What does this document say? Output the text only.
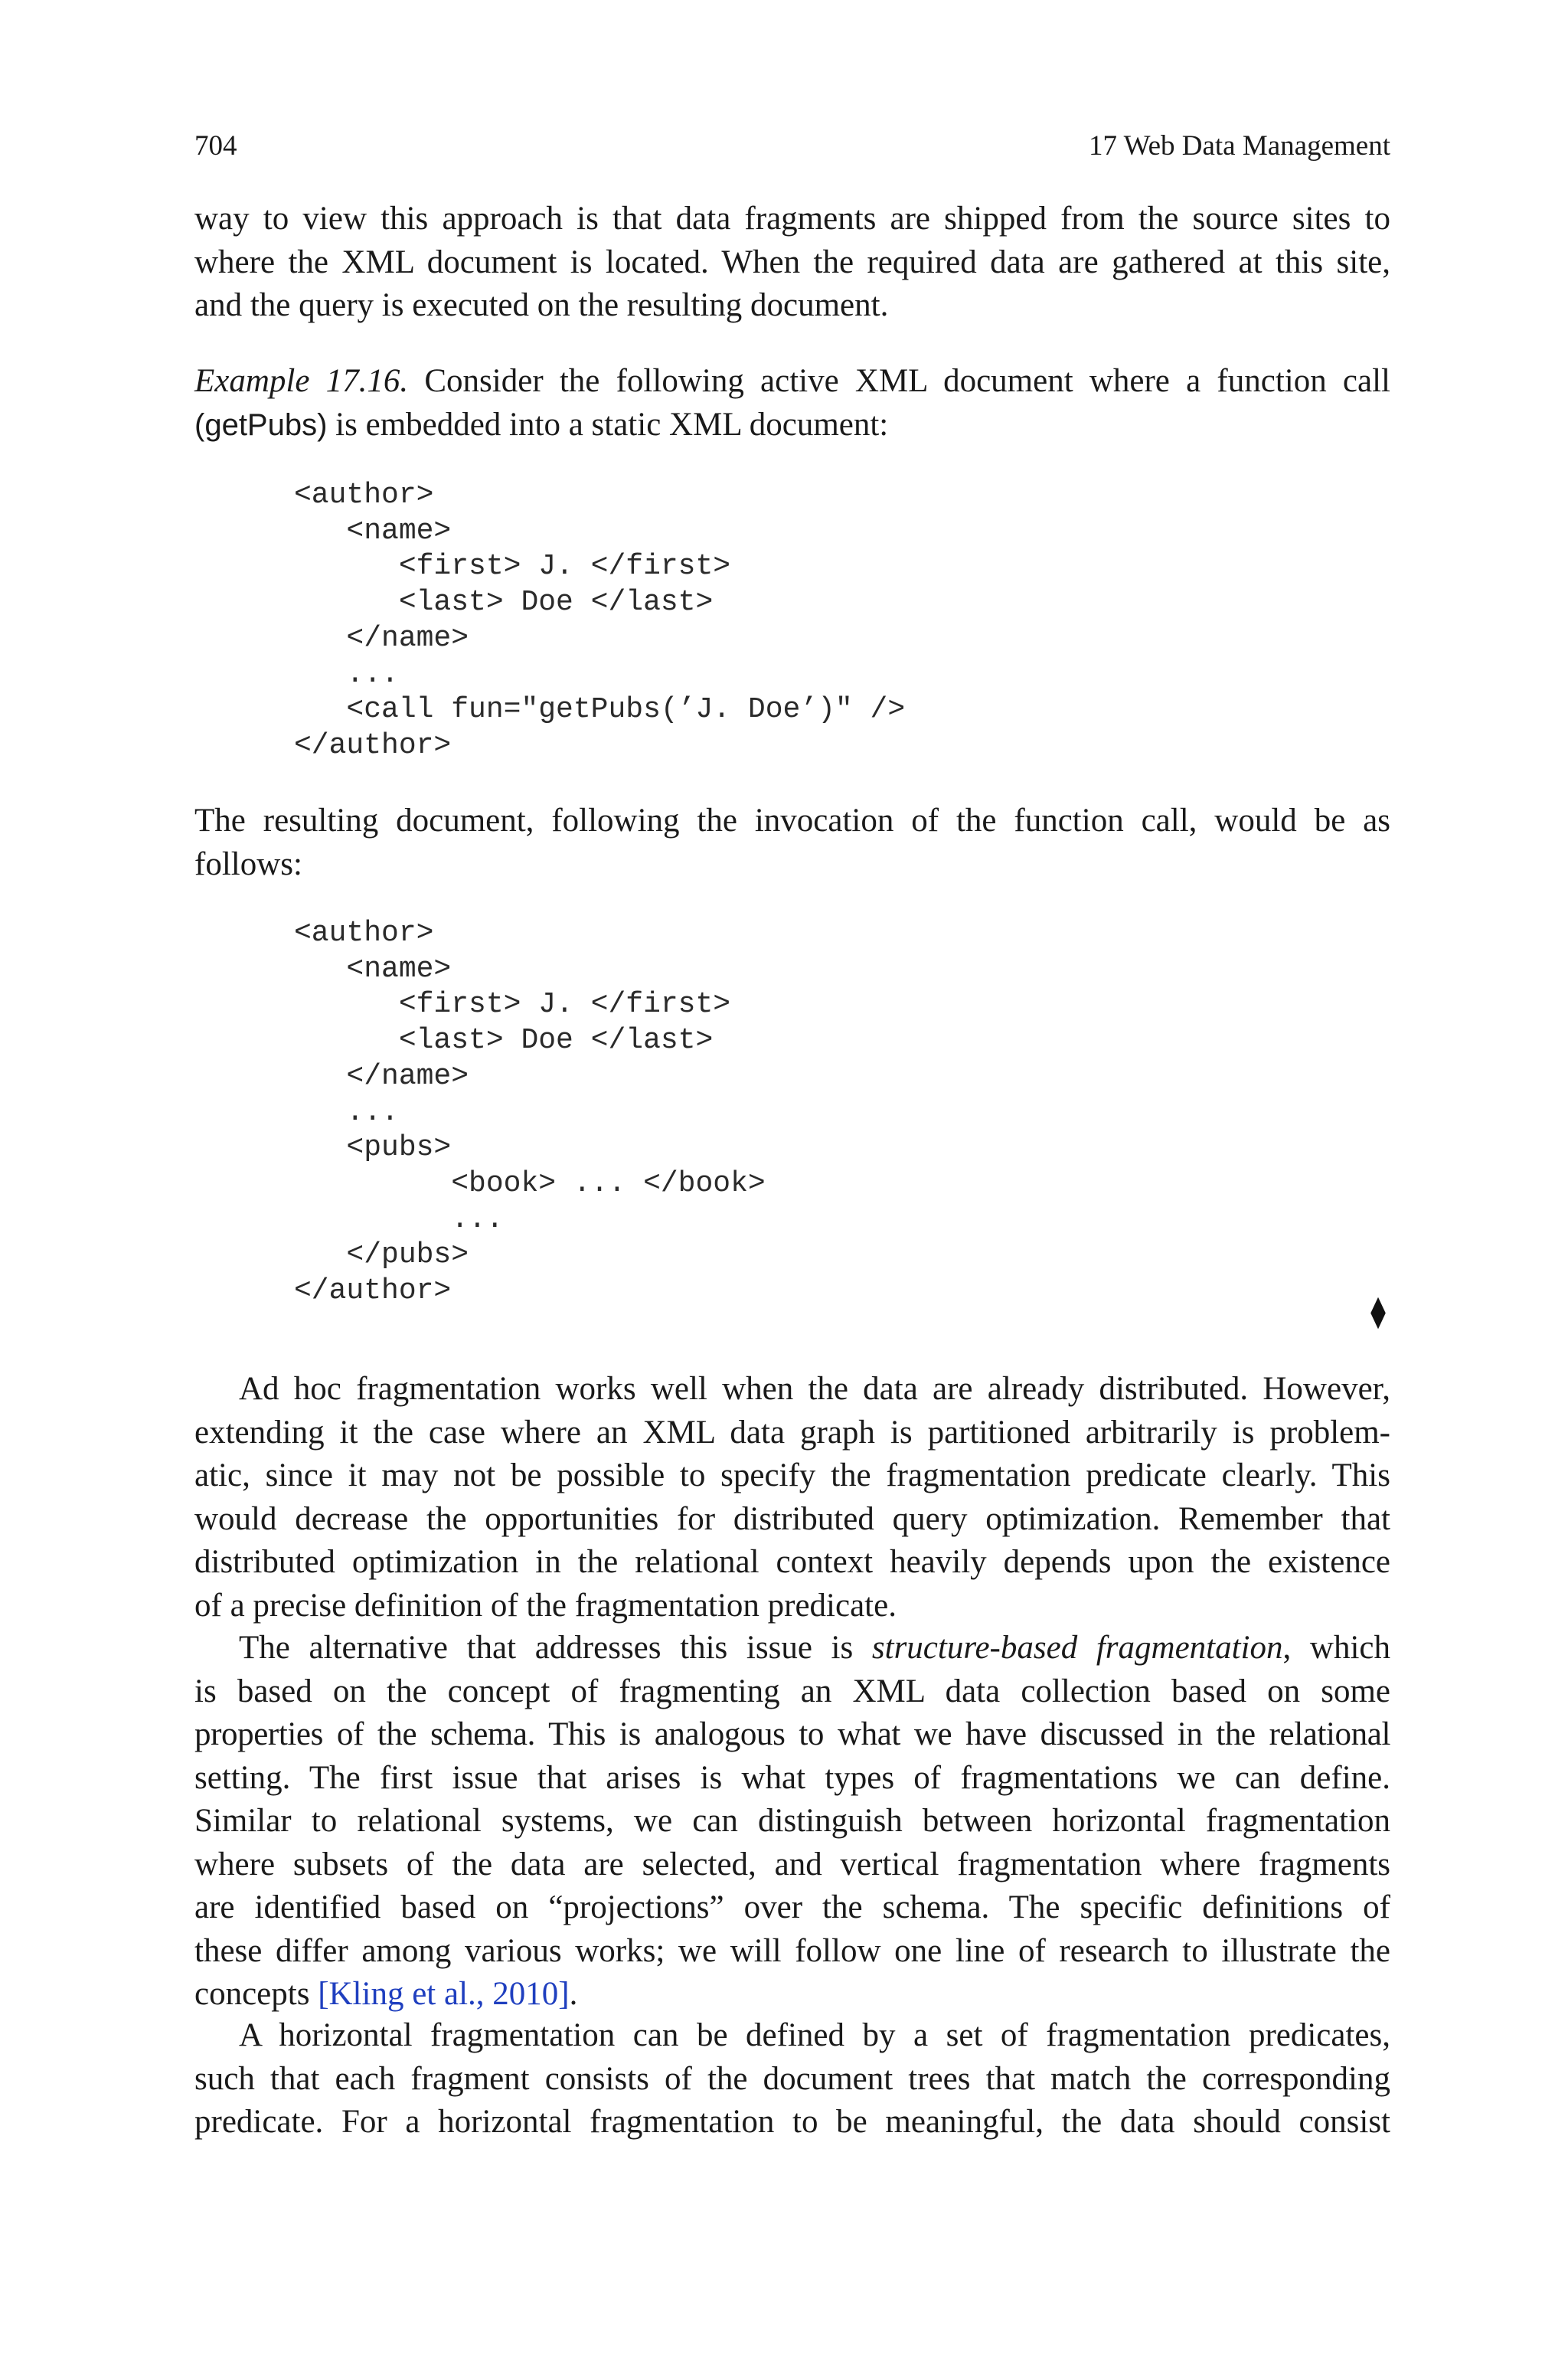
704	17 Web Data Management
way to view this approach is that data fragments are shipped from the source sites to
where the XML document is located. When the required data are gathered at this site,
and the query is executed on the resulting document.
Example 17.16. Consider the following active XML document where a function call
(getPubs) is embedded into a static XML document:
<author>
<name>
<first> J. </first>
<last> Doe </last>
</name>
...
<call fun="getPubs(’J. Doe’)" />
</author>
The resulting document, following the invocation of the function call, would be as
follows:
<author>
<name>
<first> J. </first>
<last> Doe </last>
</name>
...
<pubs>
<book> ... </book>
...
</pubs>
</author>
⧫
Ad hoc fragmentation works well when the data are already distributed. However,
extending it the case where an XML data graph is partitioned arbitrarily is problem-
atic, since it may not be possible to specify the fragmentation predicate clearly. This
would decrease the opportunities for distributed query optimization. Remember that
distributed optimization in the relational context heavily depends upon the existence
of a precise definition of the fragmentation predicate.
The alternative that addresses this issue is structure-based fragmentation, which
is based on the concept of fragmenting an XML data collection based on some
properties of the schema. This is analogous to what we have discussed in the relational
setting. The first issue that arises is what types of fragmentations we can define.
Similar to relational systems, we can distinguish between horizontal fragmentation
where subsets of the data are selected, and vertical fragmentation where fragments
are identified based on “projections” over the schema. The specific definitions of
these differ among various works; we will follow one line of research to illustrate the
concepts [Kling et al., 2010].
A horizontal fragmentation can be defined by a set of fragmentation predicates,
such that each fragment consists of the document trees that match the corresponding
predicate. For a horizontal fragmentation to be meaningful, the data should consist
